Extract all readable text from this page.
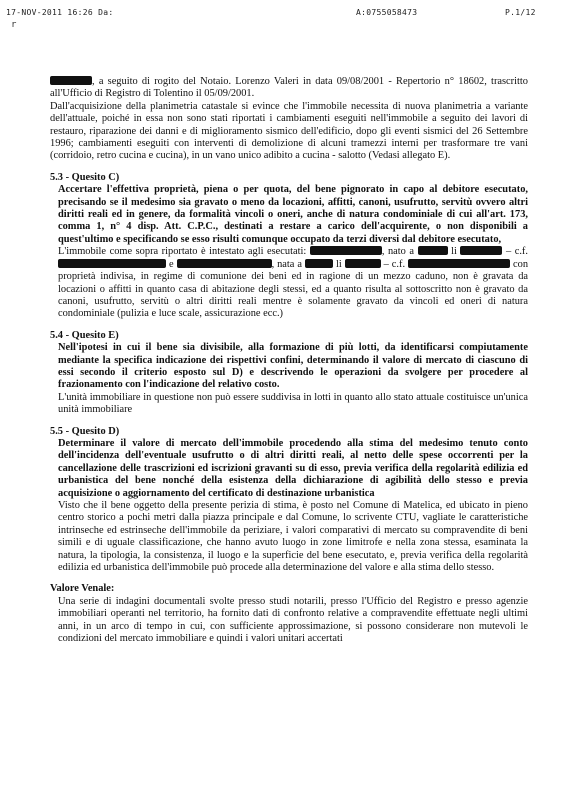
17-NOV-2011 16:26 Da:	A:0755058473	P.1/12
r

, a seguito di rogito del Notaio. Lorenzo Valeri in data 09/08/2001 - Repertorio n° 18602, trascritto all'Ufficio di Registro di Tolentino il 05/09/2001.

Dall'acquisizione della planimetria catastale si evince che l'immobile necessita di nuova planimetria a variante dell'attuale, poiché in essa non sono stati riportati i cambiamenti eseguiti nell'immobile a seguito dei lavori di restauro, riparazione dei danni e di miglioramento sismico dell'edificio, dopo gli eventi sismici del 26 Settembre 1996; cambiamenti eseguiti con interventi di demolizione di alcuni tramezzi interni per trasformare tre vani (corridoio, retro cucina e cucina), in un vano unico adibito a cucina - salotto (Vedasi allegato E).

5.3 - Quesito C)

Accertare l'effettiva proprietà, piena o per quota, del bene pignorato in capo al debitore esecutato, precisando se il medesimo sia gravato o meno da locazioni, affitti, canoni, usufrutto, servitù ovvero altri diritti reali ed in genere, da formalità vincoli o oneri, anche di natura condominiale di cui all'art. 173, comma 1, n° 4 disp. Att. C.P.C., destinati a restare a carico dell'acquirente, o non disponibili a quest'ultimo e specificando se esso risulti comunque occupato da terzi diversi dal debitore esecutato,

L'immobile come sopra riportato è intestato agli esecutati:	, nato a	li	– c.f.  e	, nata a	li	– c.f.	con proprietà indivisa, in regime di comunione dei beni ed in ragione di un mezzo caduno, non è gravata da locazioni o affitti in quanto casa di abitazione degli stessi, ed a quanto risulta al sottoscritto non è gravato da canoni, usufrutto, servitù o altri diritti reali mentre è solamente gravato da vincoli ed oneri di natura condominiale (pulizia e luce scale, assicurazione ecc.)

5.4 - Quesito E)

Nell'ipotesi in cui il bene sia divisibile, alla formazione di più lotti, da identificarsi compiutamente mediante la specifica indicazione dei rispettivi confini, determinando il valore di mercato di ciascuno di essi secondo il criterio esposto sul D) e descrivendo le operazioni da svolgere per procedere al frazionamento con l'indicazione del relativo costo.

L'unità immobiliare in questione non può essere suddivisa in lotti in quanto allo stato attuale costituisce un'unica unità immobiliare

5.5 - Quesito D)

Determinare il valore di mercato dell'immobile procedendo alla stima del medesimo tenuto conto dell'incidenza dell'eventuale usufrutto o di altri diritti reali, al netto delle spese occorrenti per la cancellazione delle trascrizioni ed iscrizioni gravanti su di esso, previa verifica della regolarità edilizia ed urbanistica del bene nonché della esistenza della dichiarazione di agibilità dello stesso e previa acquisizione o aggiornamento del certificato di destinazione urbanistica

Visto che il bene oggetto della presente perizia di stima, è posto nel Comune di Matelica, ed ubicato in pieno centro storico a pochi metri dalla piazza principale e dal Comune, lo scrivente CTU, vagliate le caratteristiche intrinseche ed estrinseche dell'immobile da periziare, i valori comparativi di mercato su compravendite di beni simili e di uguale classificazione, che hanno avuto luogo in zone limitrofe e nella zona stessa, esaminata la natura, la tipologia, la consistenza, il luogo e la superficie del bene esecutato, e, previa verifica della regolarità edilizia ed urbanistica dell'immobile può procede alla determinazione del valore e alla stima dello stesso.

Valore Venale:

Una serie di indagini documentali svolte presso studi notarili, presso l'Ufficio del Registro e presso agenzie immobiliari operanti nel territorio, ha fornito dati di confronto relative a compravendite effettuate negli ultimi anni, in un arco di tempo in cui, con sufficiente approssimazione, si possono considerare non mutevoli le condizioni del mercato immobiliare e quindi i valori unitari accertati
